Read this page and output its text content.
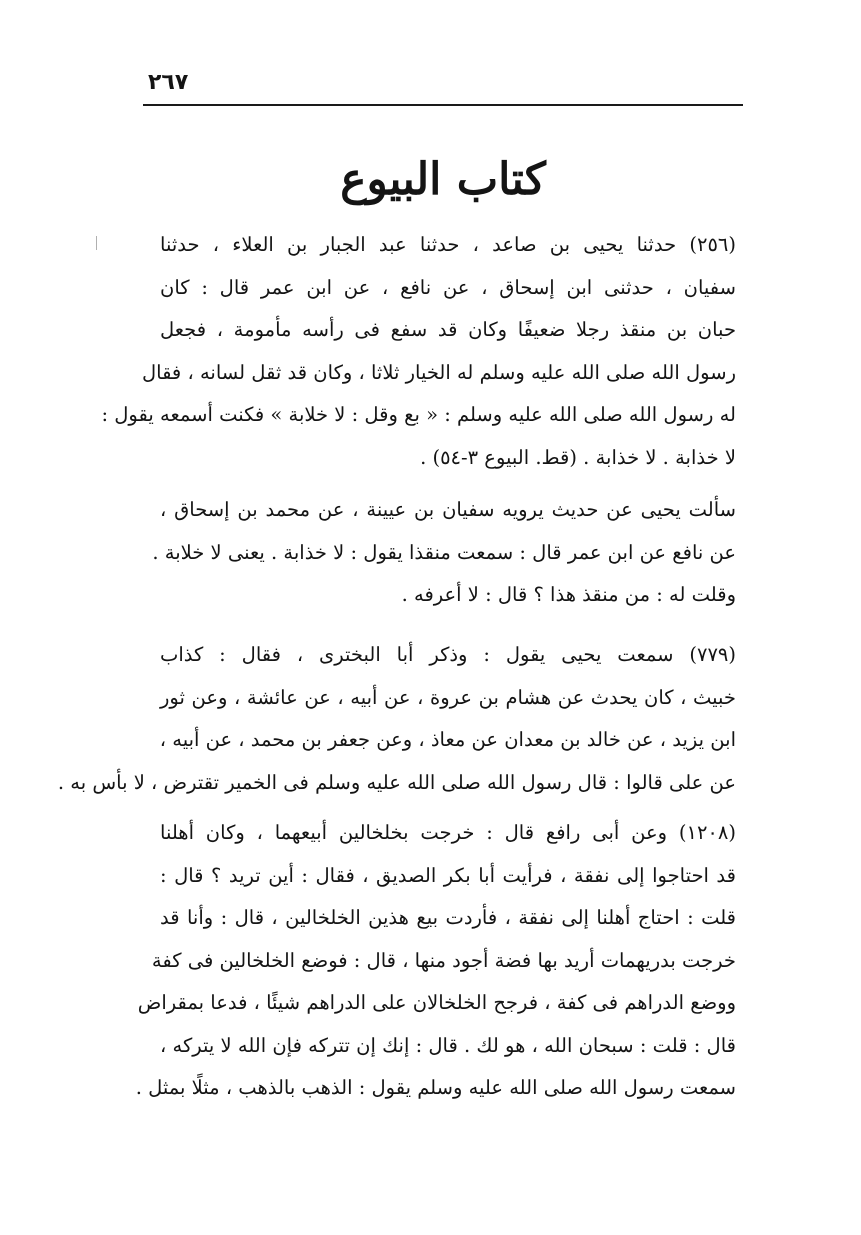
٢٦٧
كتاب البيوع
(٢٥٦) حدثنا يحيى بن صاعد ، حدثنا عبد الجبار بن العلاء ، حدثنا
سفيان ، حدثنى ابن إسحاق ، عن نافع ، عن ابن عمر قال : كان
حبان بن منقذ رجلا ضعيفًا وكان قد سفع فى رأسه مأمومة ، فجعل
رسول الله صلى الله عليه وسلم له الخيار ثلاثا ، وكان قد ثقل لسانه ، فقال
له رسول الله صلى الله عليه وسلم : « بع وقل : لا خلابة » فكنت أسمعه يقول :
لا خذابة . لا خذابة . (قط. البيوع ٣-٥٤) .
سألت يحيى عن حديث يرويه سفيان بن عيينة ، عن محمد بن إسحاق ،
عن نافع عن ابن عمر قال : سمعت منقذا يقول : لا خذابة . يعنى لا خلابة .
وقلت له : من منقذ هذا ؟ قال : لا أعرفه .
(٧٧٩) سمعت يحيى يقول : وذكر أبا البخترى ، فقال : كذاب
خبيث ، كان يحدث عن هشام بن عروة ، عن أبيه ، عن عائشة ، وعن ثور
ابن يزيد ، عن خالد بن معدان عن معاذ ، وعن جعفر بن محمد ، عن أبيه ،
عن على قالوا : قال رسول الله صلى الله عليه وسلم فى الخمير تقترض ، لا بأس به .
(١٢٠٨) وعن أبى رافع قال : خرجت بخلخالين أبيعهما ، وكان أهلنا
قد احتاجوا إلى نفقة ، فرأيت أبا بكر الصديق ، فقال : أين تريد ؟ قال :
قلت : احتاج أهلنا إلى نفقة ، فأردت بيع هذين الخلخالين ، قال : وأنا قد
خرجت بدريهمات أريد بها فضة أجود منها ، قال : فوضع الخلخالين فى كفة
ووضع الدراهم فى كفة ، فرجح الخلخالان على الدراهم شيئًا ، فدعا بمقراض
قال : قلت : سبحان الله ، هو لك . قال : إنك إن تتركه فإن الله لا يتركه ،
سمعت رسول الله صلى الله عليه وسلم يقول : الذهب بالذهب ، مثلًا بمثل .
